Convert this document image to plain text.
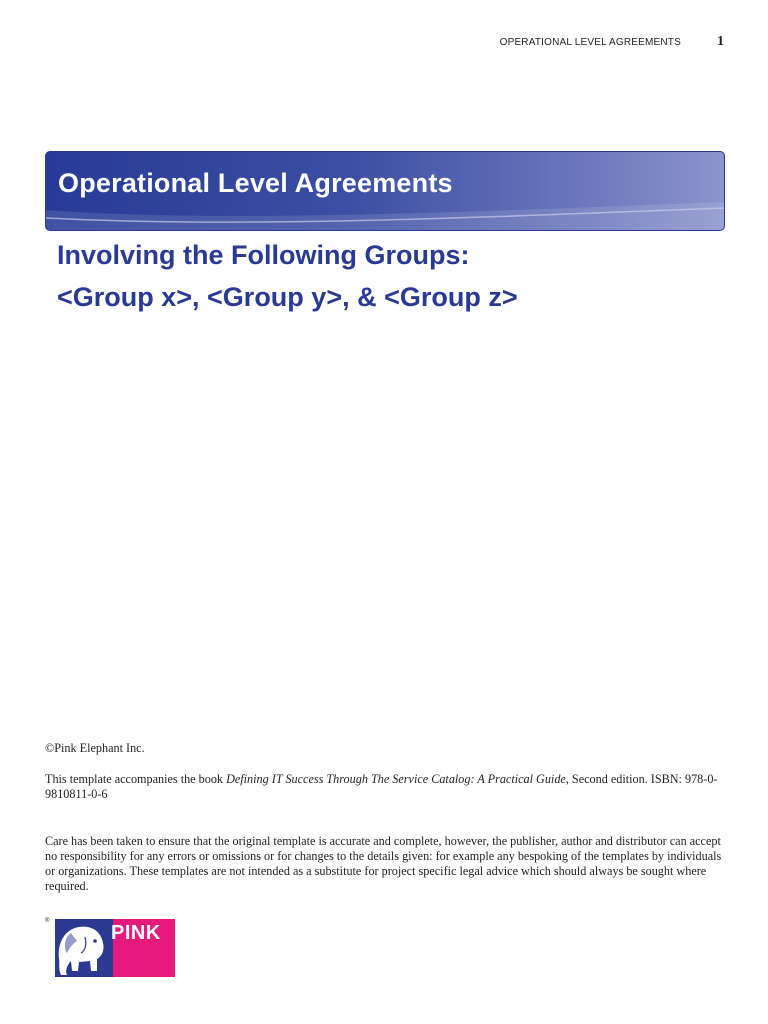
OPERATIONAL LEVEL AGREEMENTS	1
Operational Level Agreements
Involving the Following Groups:
<Group x>, <Group y>, & <Group z>

©Pink Elephant Inc.

This template accompanies the book Defining IT Success Through The Service Catalog: A Practical Guide, Second edition. ISBN: 978-0-9810811-0-6

Care has been taken to ensure that the original template is accurate and complete, however, the publisher, author and distributor can accept no responsibility for any errors or omissions or for changes to the details given: for example any bespoking of the templates by individuals or organizations. These templates are not intended as a substitute for project specific legal advice which should always be sought where required.

®
PINK
